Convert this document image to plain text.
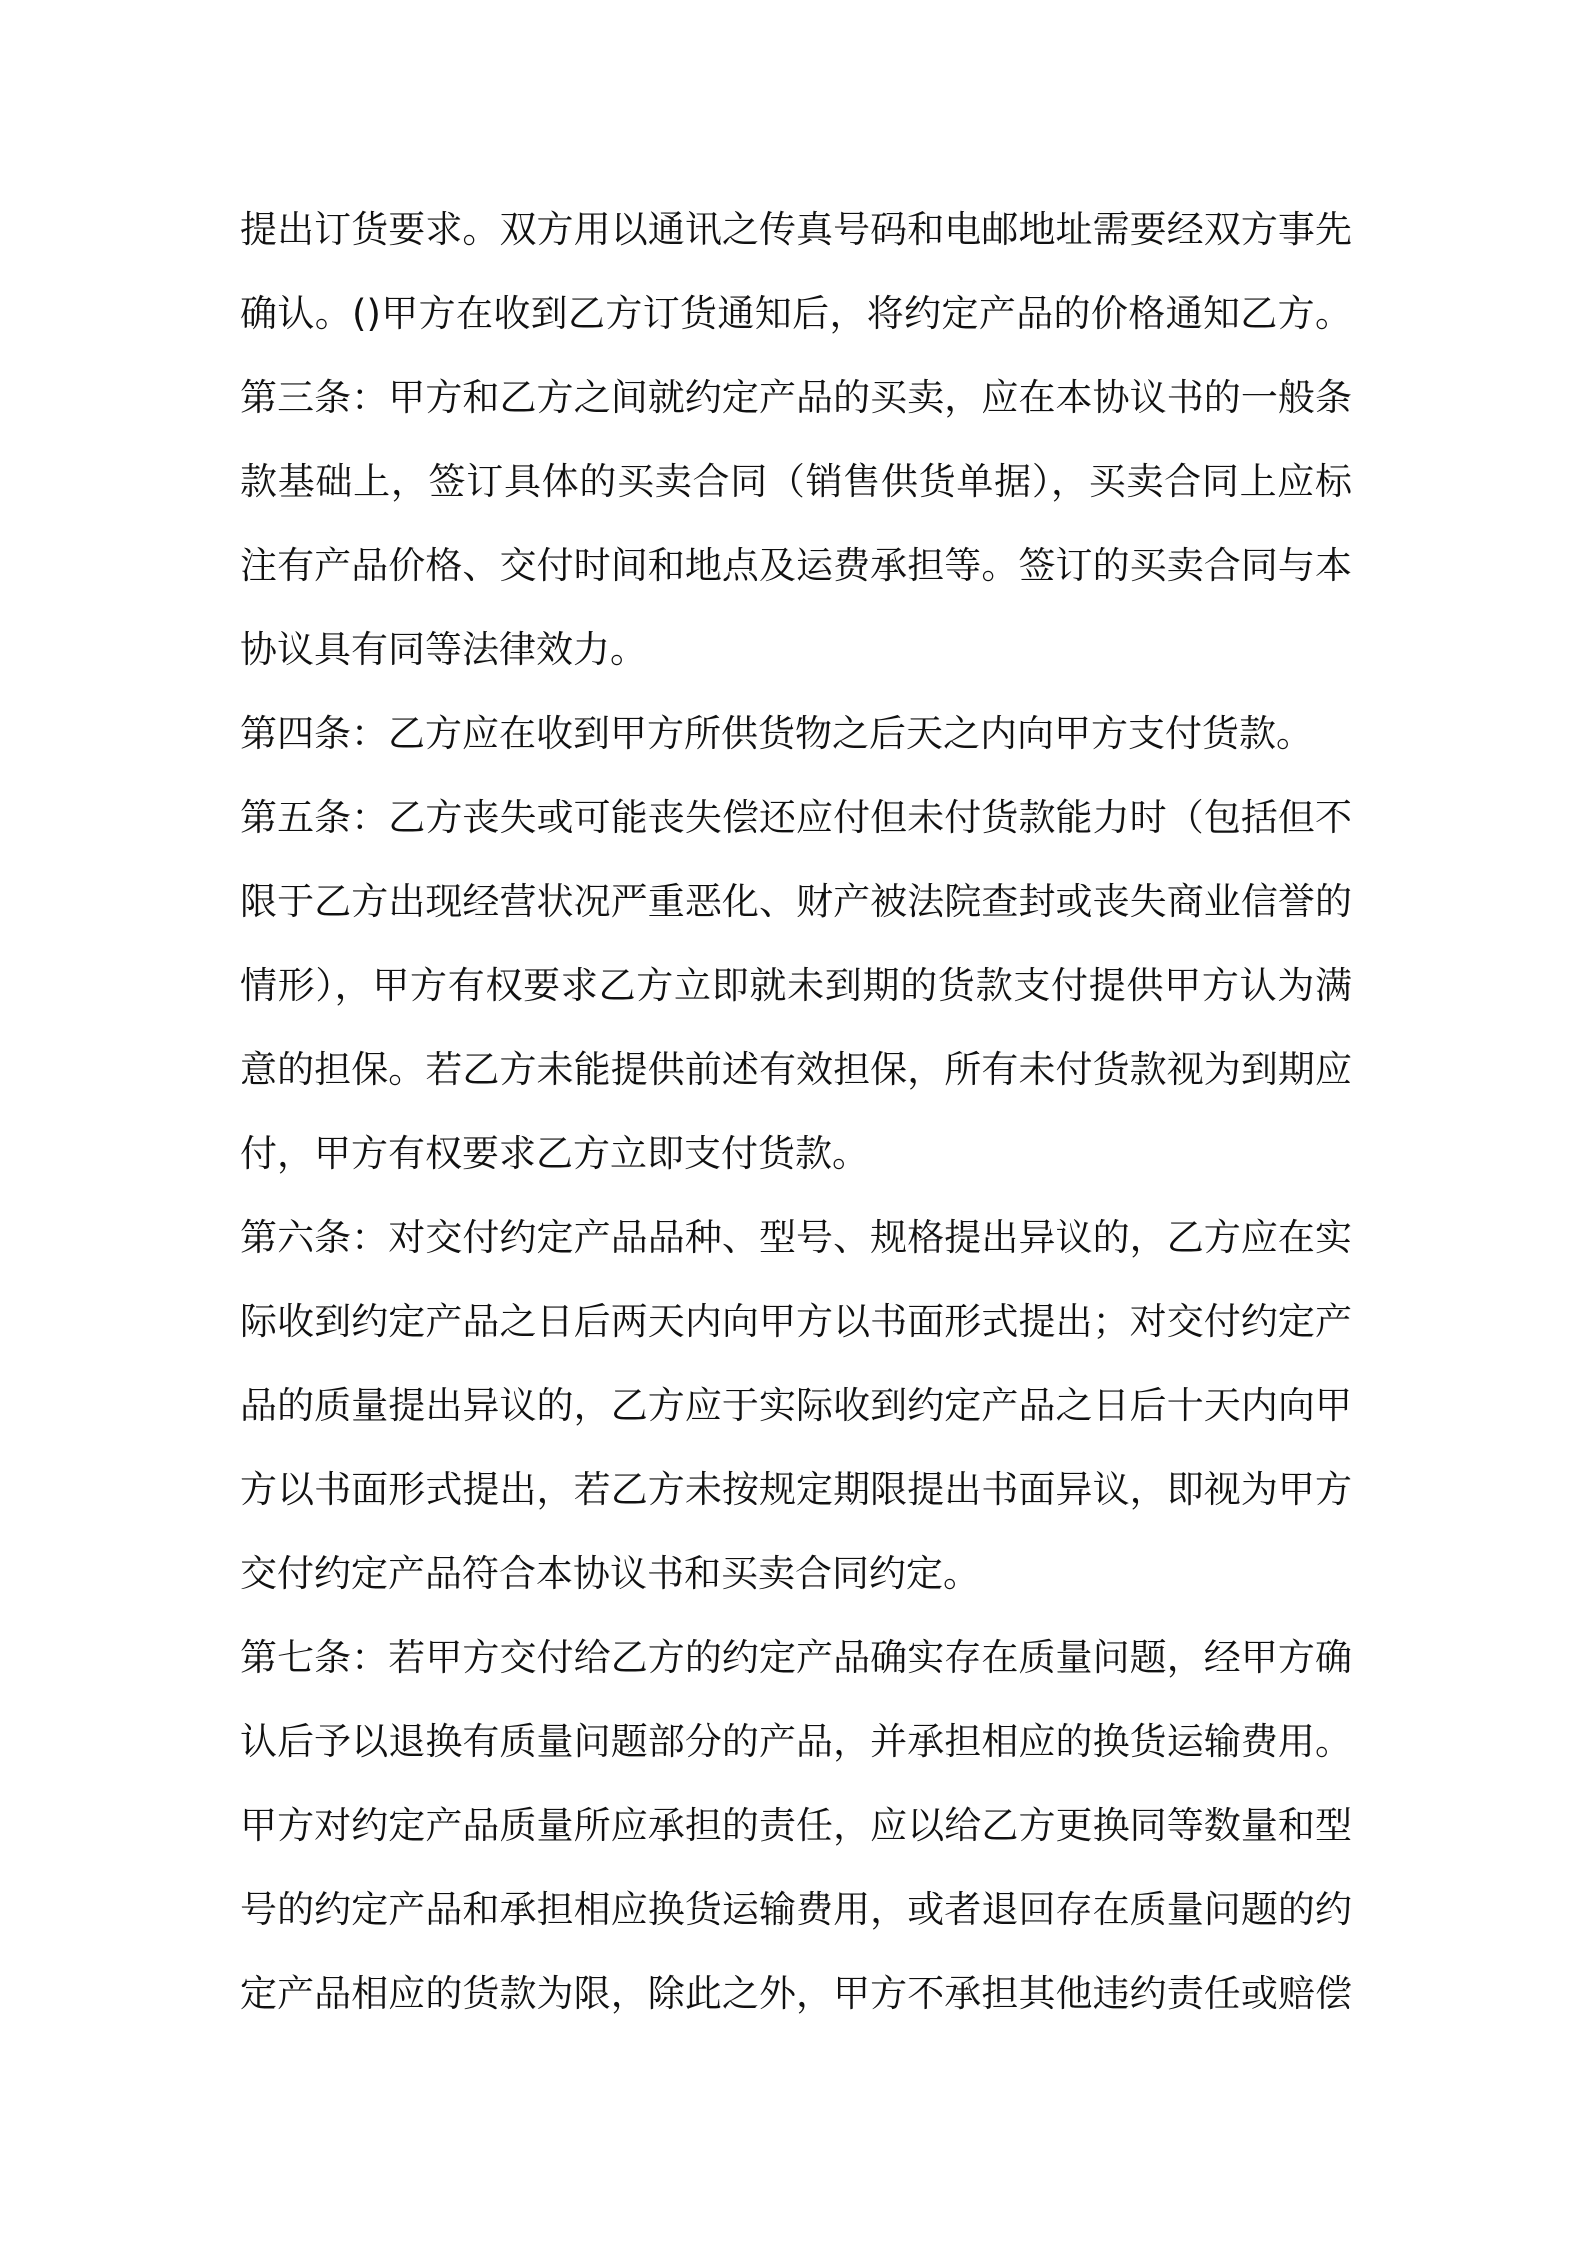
提出订货要求。双方用以通讯之传真号码和电邮地址需要经双方事先
确认。()甲方在收到乙方订货通知后，将约定产品的价格通知乙方。
第三条：甲方和乙方之间就约定产品的买卖，应在本协议书的一般条
款基础上，签订具体的买卖合同（销售供货单据），买卖合同上应标
注有产品价格、交付时间和地点及运费承担等。签订的买卖合同与本
协议具有同等法律效力。
第四条：乙方应在收到甲方所供货物之后天之内向甲方支付货款。
第五条：乙方丧失或可能丧失偿还应付但未付货款能力时（包括但不
限于乙方出现经营状况严重恶化、财产被法院查封或丧失商业信誉的
情形），甲方有权要求乙方立即就未到期的货款支付提供甲方认为满
意的担保。若乙方未能提供前述有效担保，所有未付货款视为到期应
付，甲方有权要求乙方立即支付货款。
第六条：对交付约定产品品种、型号、规格提出异议的，乙方应在实
际收到约定产品之日后两天内向甲方以书面形式提出；对交付约定产
品的质量提出异议的，乙方应于实际收到约定产品之日后十天内向甲
方以书面形式提出，若乙方未按规定期限提出书面异议，即视为甲方
交付约定产品符合本协议书和买卖合同约定。
第七条：若甲方交付给乙方的约定产品确实存在质量问题，经甲方确
认后予以退换有质量问题部分的产品，并承担相应的换货运输费用。
甲方对约定产品质量所应承担的责任，应以给乙方更换同等数量和型
号的约定产品和承担相应换货运输费用，或者退回存在质量问题的约
定产品相应的货款为限，除此之外，甲方不承担其他违约责任或赔偿
